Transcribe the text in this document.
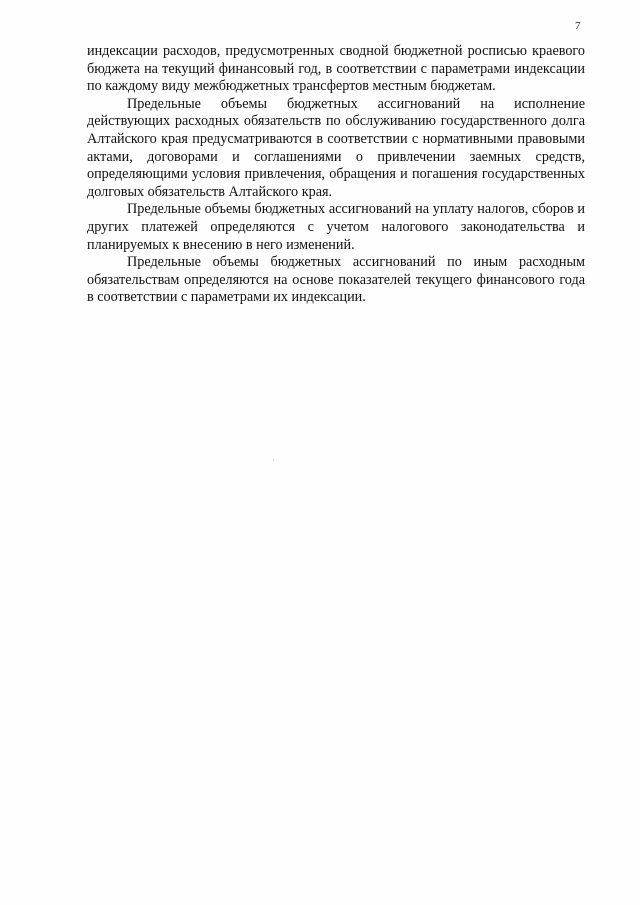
7

индексации расходов, предусмотренных сводной бюджетной росписью краевого бюджета на текущий финансовый год, в соответствии с параметрами индексации по каждому виду межбюджетных трансфертов местным бюджетам.

Предельные объемы бюджетных ассигнований на исполнение действующих расходных обязательств по обслуживанию государственного долга Алтайского края предусматриваются в соответствии с нормативными правовыми актами, договорами и соглашениями о привлечении заемных средств, определяющими условия привлечения, обращения и погашения государственных долговых обязательств Алтайского края.

Предельные объемы бюджетных ассигнований на уплату налогов, сборов и других платежей определяются с учетом налогового законодательства и планируемых к внесению в него изменений.

Предельные объемы бюджетных ассигнований по иным расходным обязательствам определяются на основе показателей текущего финансового года в соответствии с параметрами их индексации.
